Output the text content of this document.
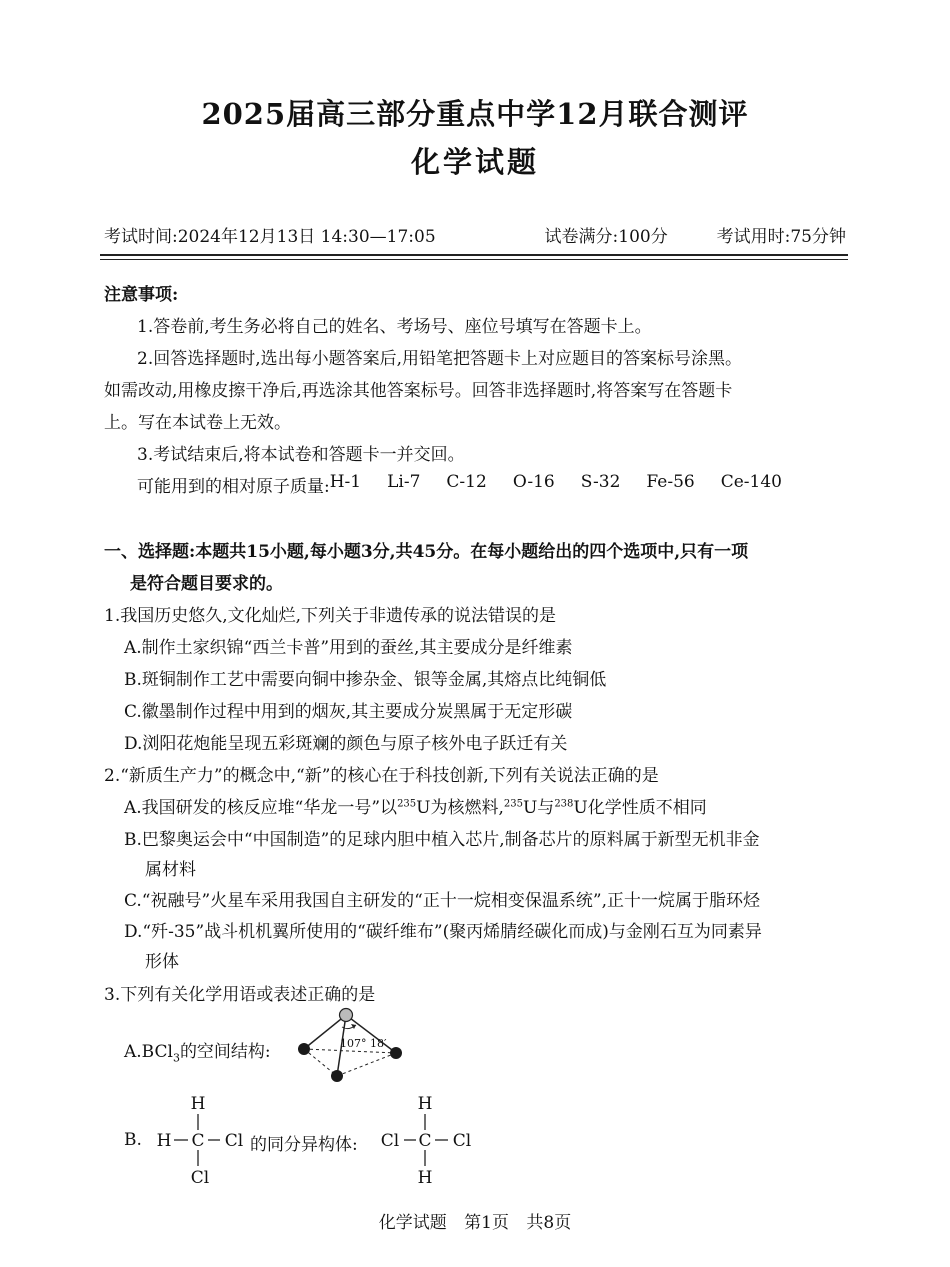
2025届高三部分重点中学12月联合测评
化学试题
考试时间:2024年12月13日 14:30—17:05	试卷满分:100分	考试用时:75分钟
注意事项:
1.答卷前,考生务必将自己的姓名、考场号、座位号填写在答题卡上。
2.回答选择题时,选出每小题答案后,用铅笔把答题卡上对应题目的答案标号涂黑。
如需改动,用橡皮擦干净后,再选涂其他答案标号。回答非选择题时,将答案写在答题卡
上。写在本试卷上无效。
3.考试结束后,将本试卷和答题卡一并交回。
可能用到的相对原子质量: H-1 Li-7 C-12 O-16 S-32 Fe-56 Ce-140
一、选择题:本题共15小题,每小题3分,共45分。在每小题给出的四个选项中,只有一项
是符合题目要求的。
1.我国历史悠久,文化灿烂,下列关于非遗传承的说法错误的是
A.制作土家织锦“西兰卡普”用到的蚕丝,其主要成分是纤维素
B.斑铜制作工艺中需要向铜中掺杂金、银等金属,其熔点比纯铜低
C.徽墨制作过程中用到的烟灰,其主要成分炭黑属于无定形碳
D.浏阳花炮能呈现五彩斑斓的颜色与原子核外电子跃迁有关
2.“新质生产力”的概念中,“新”的核心在于科技创新,下列有关说法正确的是
A.我国研发的核反应堆“华龙一号”以$^{235}$U为核燃料,$^{235}$U与$^{238}$U化学性质不相同
B.巴黎奥运会中“中国制造”的足球内胆中植入芯片,制备芯片的原料属于新型无机非金
属材料
C.“祝融号”火星车采用我国自主研发的“正十一烷相变保温系统”,正十一烷属于脂环烃
D.“歼-35”战斗机机翼所使用的“碳纤维布”(聚丙烯腈经碳化而成)与金刚石互为同素异
形体
3.下列有关化学用语或表述正确的是
A.BCl$_3$的空间结构:	107° 18′
B.
H
H C Cl
Cl
的同分异构体:
H
Cl C Cl
H
化学试题 第1页 共8页
